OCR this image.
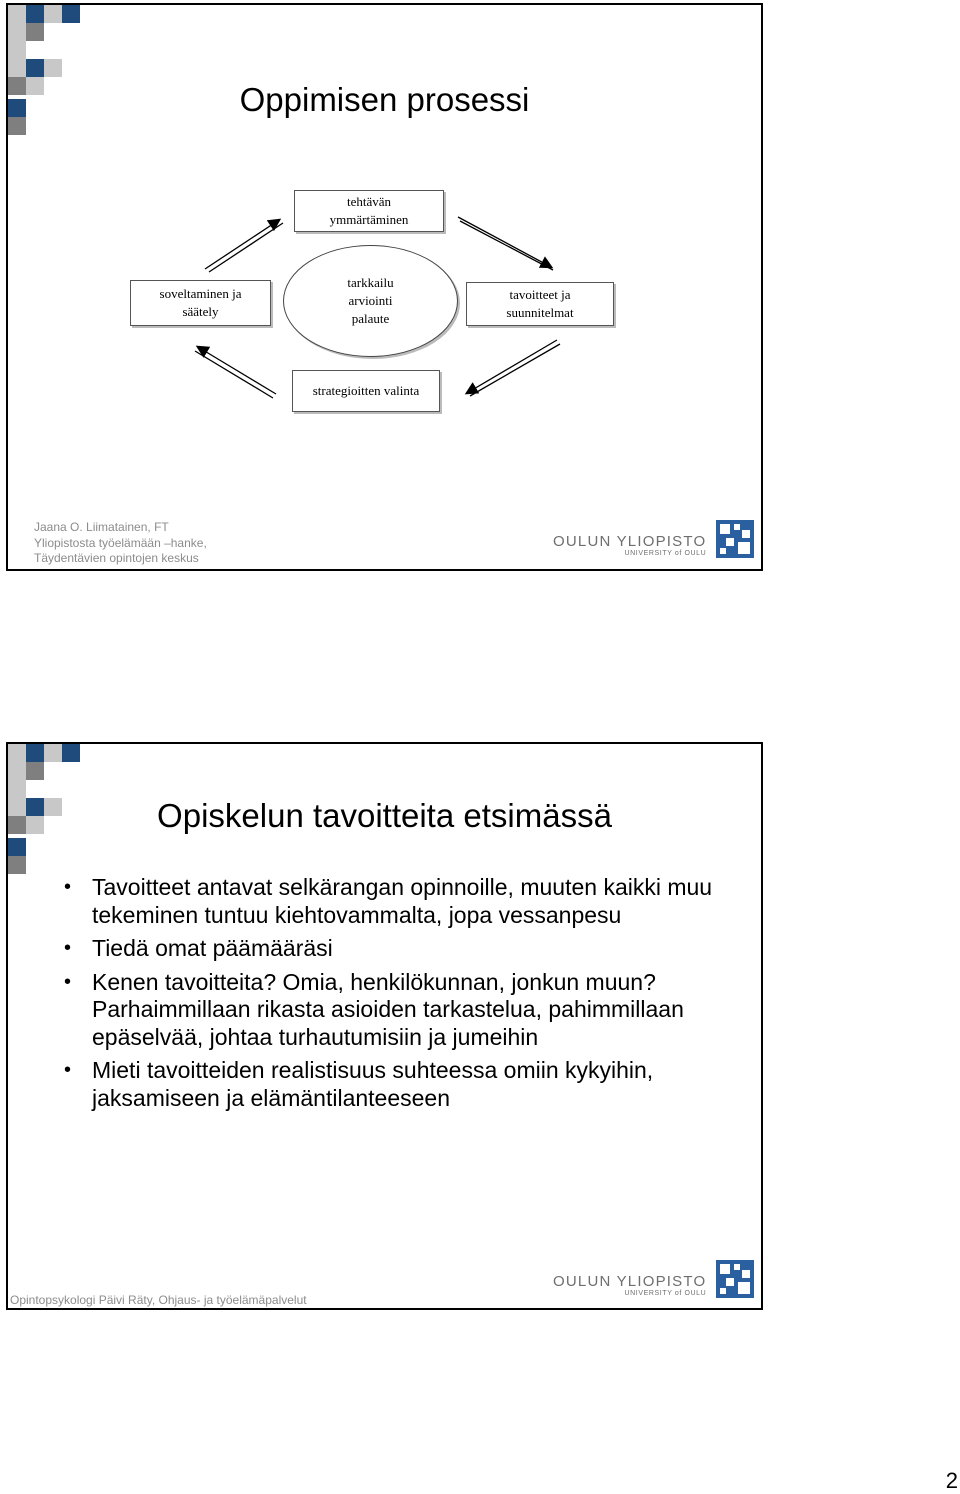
Oppimisen prosessi
tehtävän ymmärtäminen
soveltaminen ja säätely
tarkkailu arviointi palaute
tavoitteet ja suunnitelmat
strategioitten valinta
Jaana O. Liimatainen, FT
Yliopistosta työelämään –hanke,
Täydentävien opintojen keskus
OULUN YLIOPISTO
UNIVERSITY of OULU
Opiskelun tavoitteita etsimässä
• Tavoitteet antavat selkärangan opinnoille, muuten kaikki muu tekeminen tuntuu kiehtovammalta, jopa vessanpesu
• Tiedä omat päämääräsi
• Kenen tavoitteita? Omia, henkilökunnan, jonkun muun? Parhaimmillaan rikasta asioiden tarkastelua, pahimmillaan epäselvää, johtaa turhautumisiin ja jumeihin
• Mieti tavoitteiden realistisuus suhteessa omiin kykyihin, jaksamiseen ja elämäntilanteeseen
Opintopsykologi Päivi Räty, Ohjaus- ja työelämäpalvelut
OULUN YLIOPISTO
UNIVERSITY of OULU
2
